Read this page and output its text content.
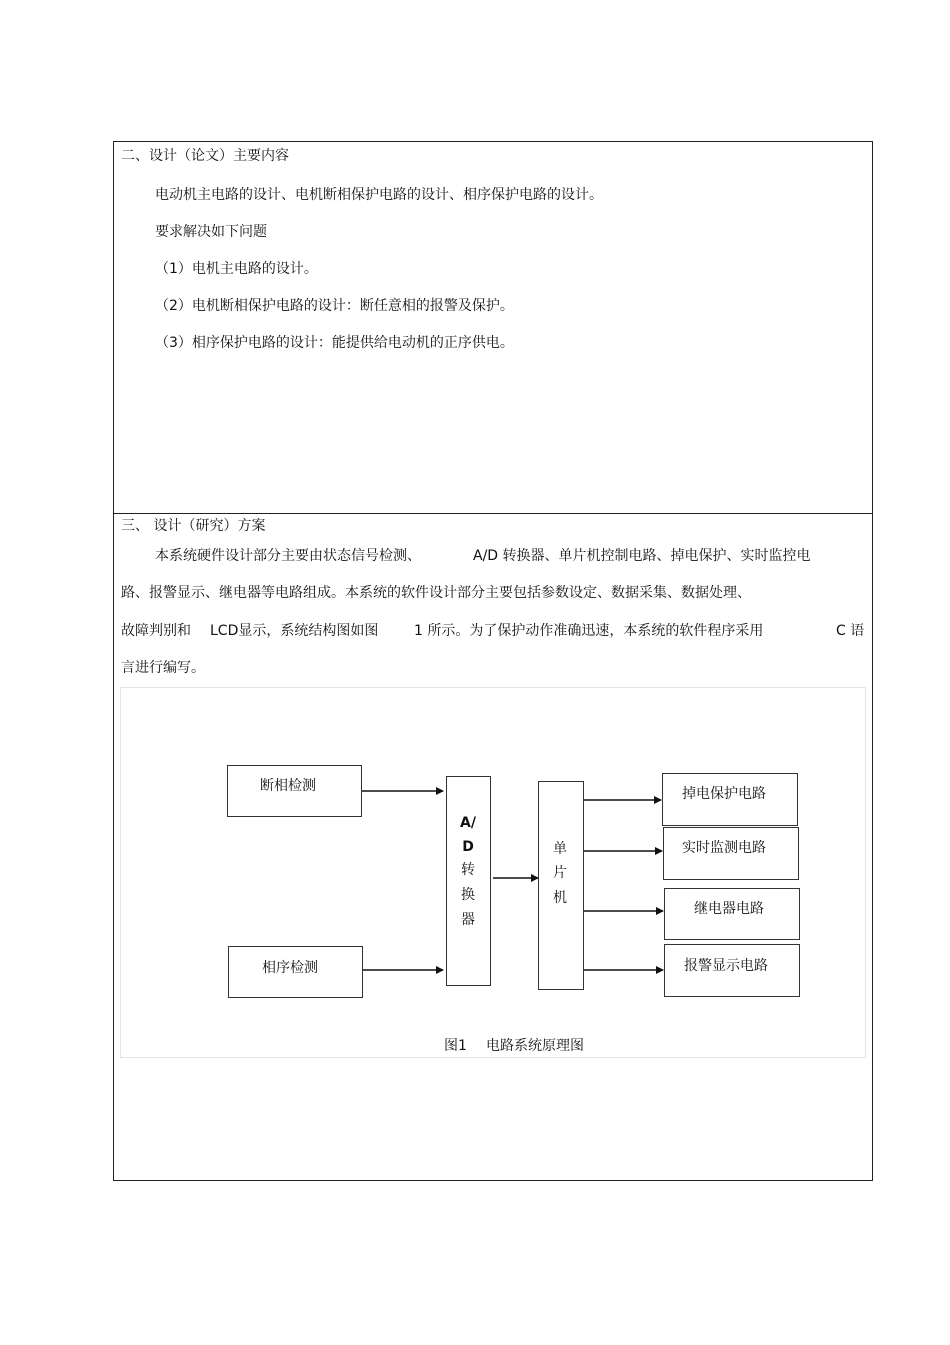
二、设计（论文）主要内容
电动机主电路的设计、电机断相保护电路的设计、相序保护电路的设计。
要求解决如下问题
（1）电机主电路的设计。
（2）电机断相保护电路的设计：断任意相的报警及保护。
（3）相序保护电路的设计：能提供给电动机的正序供电。
三、 设计（研究）方案
本系统硬件设计部分主要由状态信号检测、	A/D 转换器、单片机控制电路、掉电保护、实时监控电
路、报警显示、继电器等电路组成。本系统的软件设计部分主要包括参数设定、数据采集、数据处理、
故障判别和 LCD显示，系统结构图如图	1 所示。为了保护动作准确迅速，本系统的软件程序采用	C 语
言进行编写。
断相检测
相序检测
A/
D
转
换
器
单
片
机
掉电保护电路
实时监测电路
继电器电路
报警显示电路
图1 电路系统原理图
